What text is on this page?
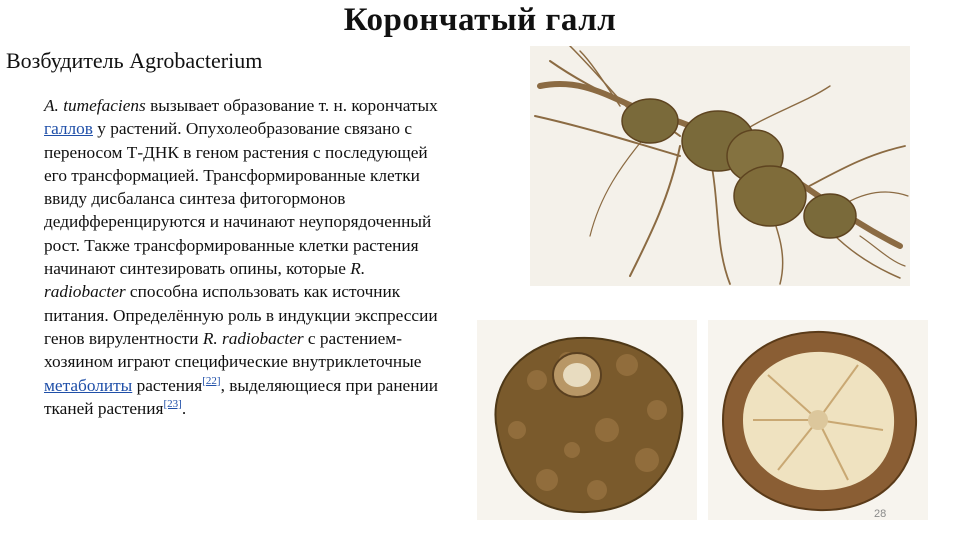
Корончатый галл
Возбудитель Agrobacterium
A. tumefaciens вызывает образование т. н. корончатых галлов у растений. Опухолеобразование связано с переносом Т-ДНК в геном растения с последующей его трансформацией. Трансформированные клетки ввиду дисбаланса синтеза фитогормонов дедифференцируются и начинают неупорядоченный рост. Также трансформированные клетки растения начинают синтезировать опины, которые R. radiobacter способна использовать как источник питания. Определённую роль в индукции экспрессии генов вирулентности R. radiobacter с растением-хозяином играют специфические внутриклеточные метаболиты растения[22], выделяющиеся при ранении тканей растения[23].
28
